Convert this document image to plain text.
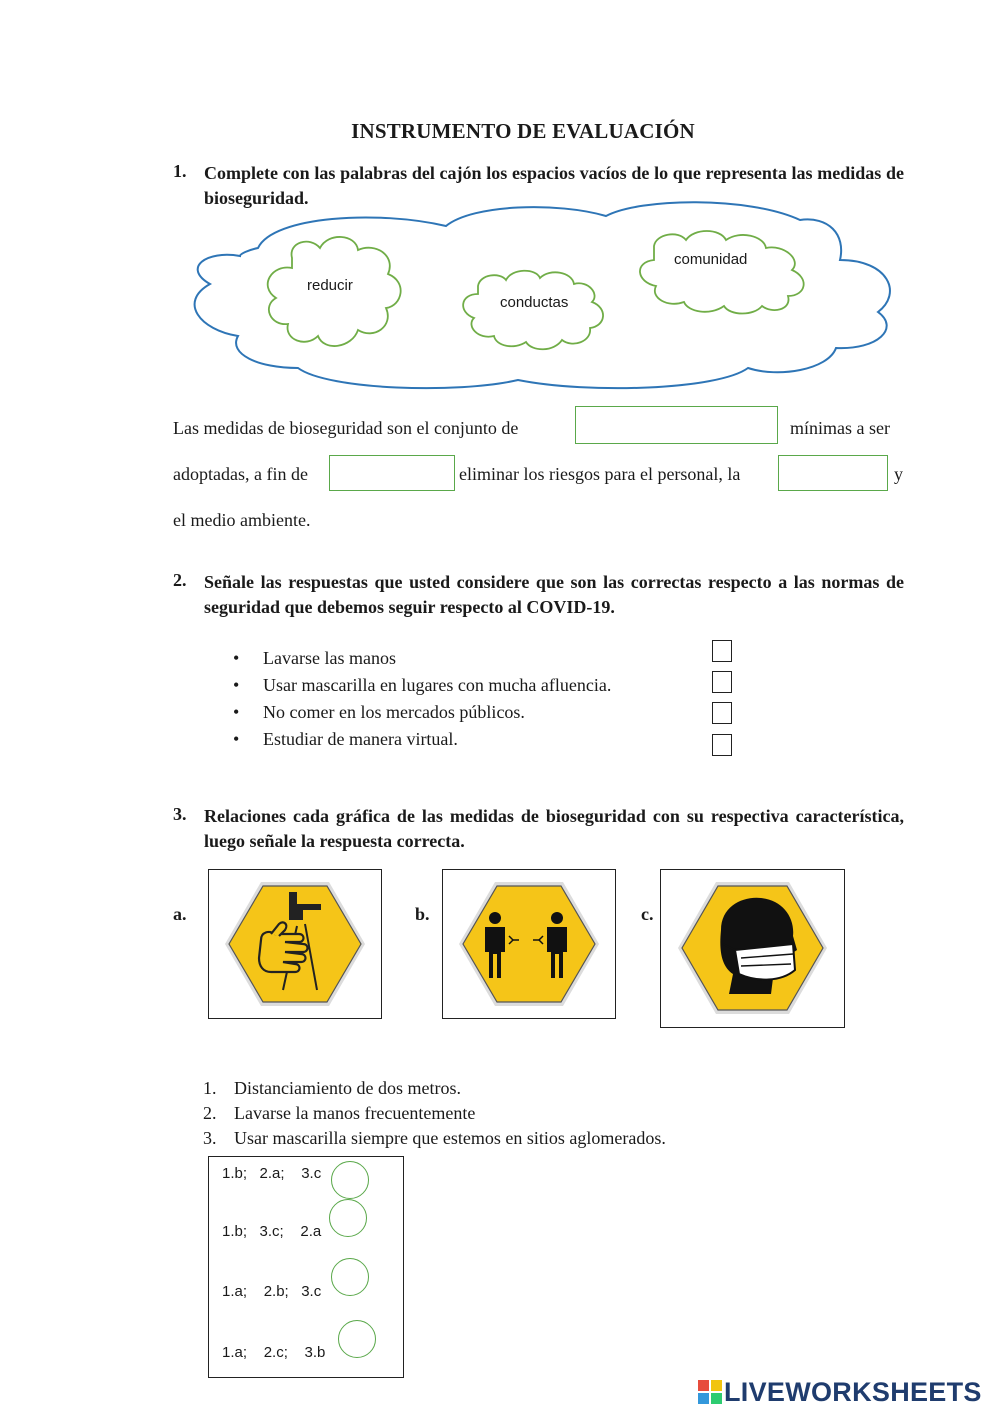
INSTRUMENTO DE EVALUACIÓN
1. Complete con las palabras del cajón los espacios vacíos de lo que representa las medidas de bioseguridad.
reducir
conductas
comunidad
Las medidas de bioseguridad son el conjunto de	mínimas a ser
adoptadas, a fin de	eliminar los riesgos para el personal, la	y
el medio ambiente.
2. Señale las respuestas que usted considere que son las correctas respecto a las normas de seguridad que debemos seguir respecto al COVID-19.
• Lavarse las manos
• Usar mascarilla en lugares con mucha afluencia.
• No comer en los mercados públicos.
• Estudiar de manera virtual.
3. Relaciones cada gráfica de las medidas de bioseguridad con su respectiva característica, luego señale la respuesta correcta.
a.	b.	c.
1. Distanciamiento de dos metros.
2. Lavarse la manos frecuentemente
3. Usar mascarilla siempre que estemos en sitios aglomerados.
1.b;   2.a;    3.c
1.b;   3.c;    2.a
1.a;    2.b;   3.c
1.a;    2.c;    3.b
LIVEWORKSHEETS
